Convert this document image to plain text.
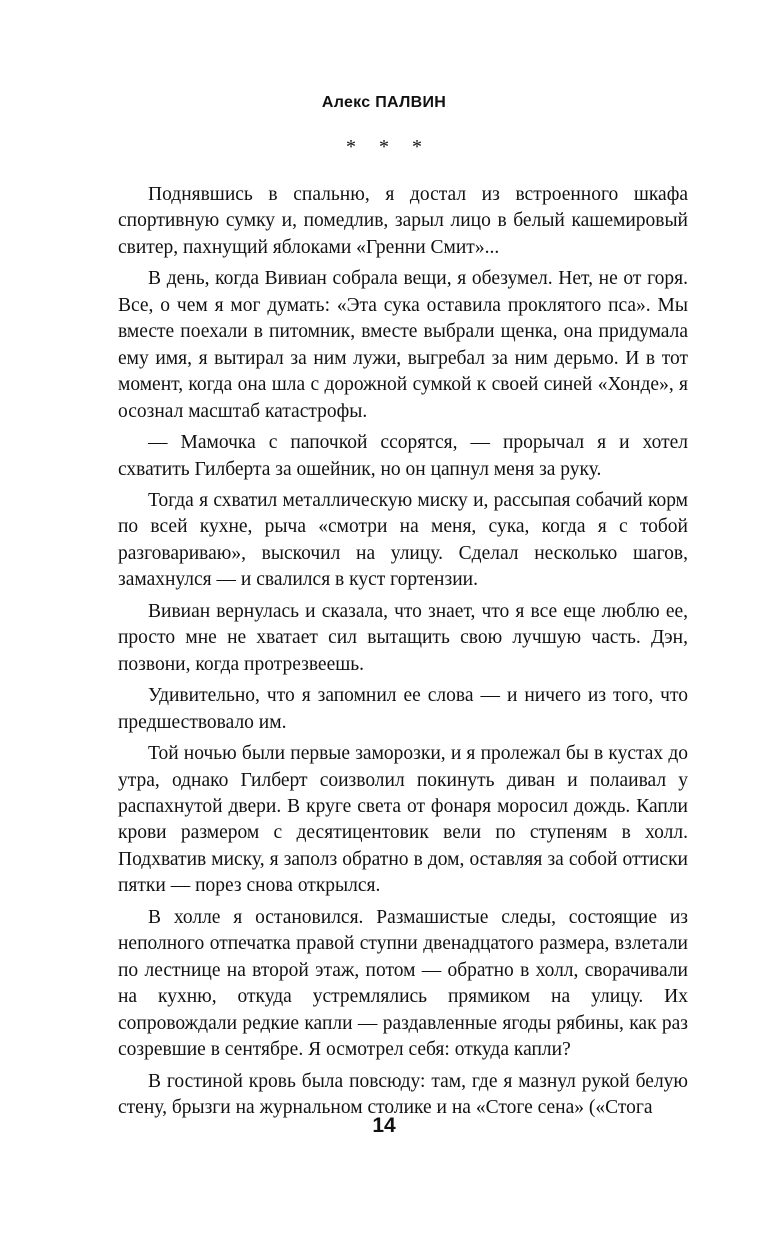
Алекс ПАЛВИН
* * *

Поднявшись в спальню, я достал из встроенного шкафа спортивную сумку и, помедлив, зарыл лицо в белый кашемировый свитер, пахнущий яблоками «Гренни Смит»...

В день, когда Вивиан собрала вещи, я обезумел. Нет, не от горя. Все, о чем я мог думать: «Эта сука оставила проклятого пса». Мы вместе поехали в питомник, вместе выбрали щенка, она придумала ему имя, я вытирал за ним лужи, выгребал за ним дерьмо. И в тот момент, когда она шла с дорожной сумкой к своей синей «Хонде», я осознал масштаб катастрофы.

— Мамочка с папочкой ссорятся, — прорычал я и хотел схватить Гилберта за ошейник, но он цапнул меня за руку.

Тогда я схватил металлическую миску и, рассыпая собачий корм по всей кухне, рыча «смотри на меня, сука, когда я с тобой разговариваю», выскочил на улицу. Сделал несколько шагов, замахнулся — и свалился в куст гортензии.

Вивиан вернулась и сказала, что знает, что я все еще люблю ее, просто мне не хватает сил вытащить свою лучшую часть. Дэн, позвони, когда протрезвеешь.

Удивительно, что я запомнил ее слова — и ничего из того, что предшествовало им.

Той ночью были первые заморозки, и я пролежал бы в кустах до утра, однако Гилберт соизволил покинуть диван и полаивал у распахнутой двери. В круге света от фонаря моросил дождь. Капли крови размером с десятицентовик вели по ступеням в холл. Подхватив миску, я заполз обратно в дом, оставляя за собой оттиски пятки — порез снова открылся.

В холле я остановился. Размашистые следы, состоящие из неполного отпечатка правой ступни двенадцатого размера, взлетали по лестнице на второй этаж, потом — обратно в холл, сворачивали на кухню, откуда устремлялись прямиком на улицу. Их сопровождали редкие капли — раздавленные ягоды рябины, как раз созревшие в сентябре. Я осмотрел себя: откуда капли?

В гостиной кровь была повсюду: там, где я мазнул рукой белую стену, брызги на журнальном столике и на «Стоге сена» («Стога

14
